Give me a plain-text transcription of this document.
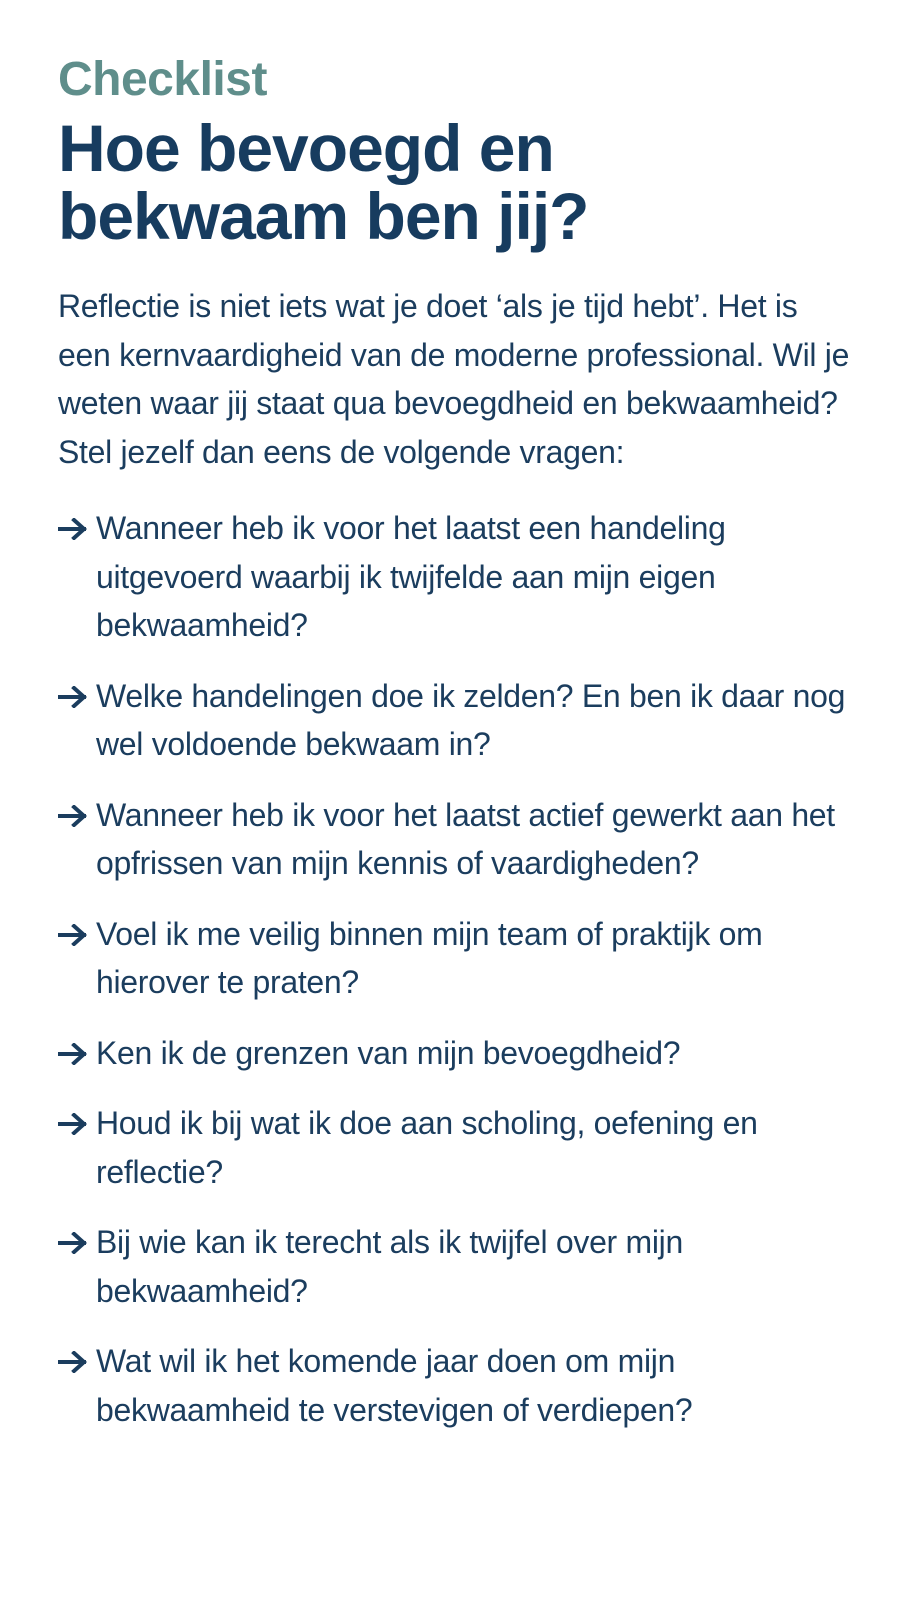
Checklist
Hoe bevoegd en bekwaam ben jij?

Reflectie is niet iets wat je doet ‘als je tijd hebt’. Het is een kernvaardigheid van de moderne professional. Wil je weten waar jij staat qua bevoegdheid en bekwaamheid? Stel jezelf dan eens de volgende vragen:

Wanneer heb ik voor het laatst een handeling uitgevoerd waarbij ik twijfelde aan mijn eigen bekwaamheid?
Welke handelingen doe ik zelden? En ben ik daar nog wel voldoende bekwaam in?
Wanneer heb ik voor het laatst actief gewerkt aan het opfrissen van mijn kennis of vaardigheden?
Voel ik me veilig binnen mijn team of praktijk om hierover te praten?
Ken ik de grenzen van mijn bevoegdheid?
Houd ik bij wat ik doe aan scholing, oefening en reflectie?
Bij wie kan ik terecht als ik twijfel over mijn bekwaamheid?
Wat wil ik het komende jaar doen om mijn bekwaamheid te verstevigen of verdiepen?
